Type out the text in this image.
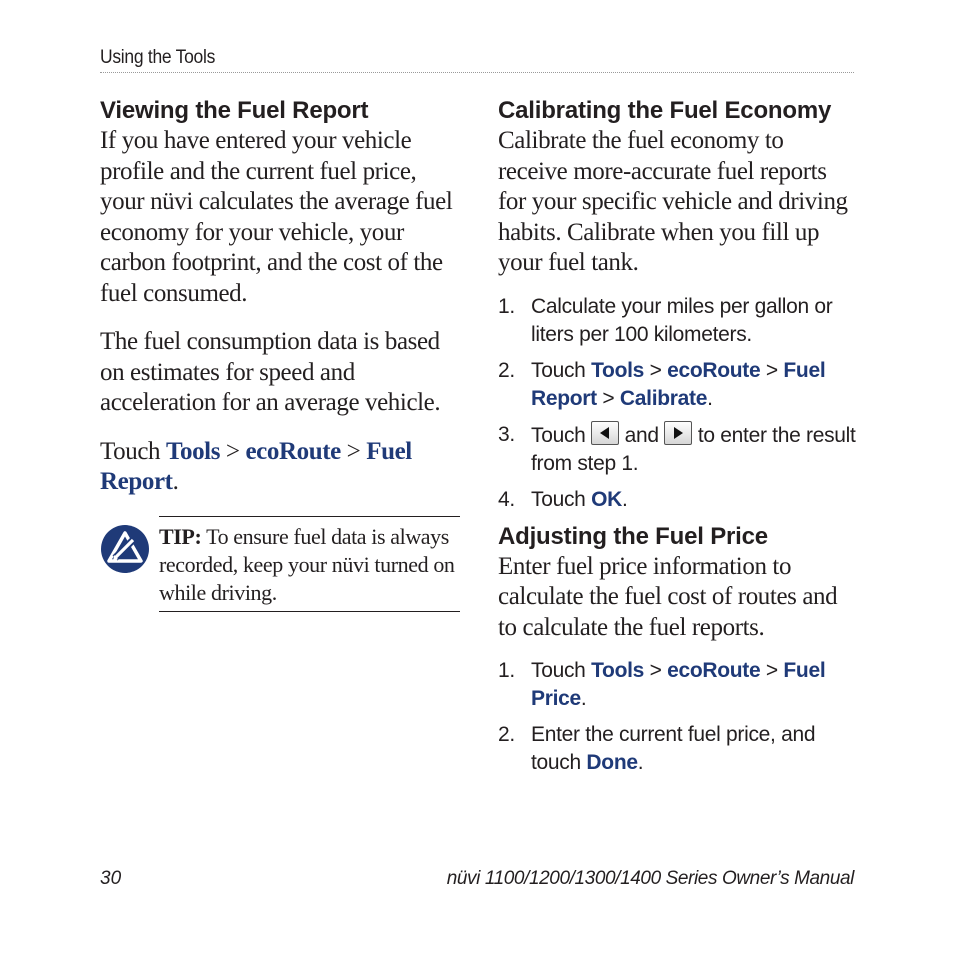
Using the Tools
Viewing the Fuel Report

If you have entered your vehicle profile and the current fuel price, your nüvi calculates the average fuel economy for your vehicle, your carbon footprint, and the cost of the fuel consumed.

The fuel consumption data is based on estimates for speed and acceleration for an average vehicle.

Touch Tools > ecoRoute > Fuel Report.

TIP: To ensure fuel data is always recorded, keep your nüvi turned on while driving.
Calibrating the Fuel Economy

Calibrate the fuel economy to receive more-accurate fuel reports for your specific vehicle and driving habits. Calibrate when you fill up your fuel tank.

1. Calculate your miles per gallon or liters per 100 kilometers.
2. Touch Tools > ecoRoute > Fuel Report > Calibrate.
3. Touch
and
to enter the result from step 1.
4. Touch OK.
Adjusting the Fuel Price

Enter fuel price information to calculate the fuel cost of routes and to calculate the fuel reports.

1. Touch Tools > ecoRoute > Fuel Price.
2. Enter the current fuel price, and touch Done.
30	nüvi 1100/1200/1300/1400 Series Owner’s Manual
